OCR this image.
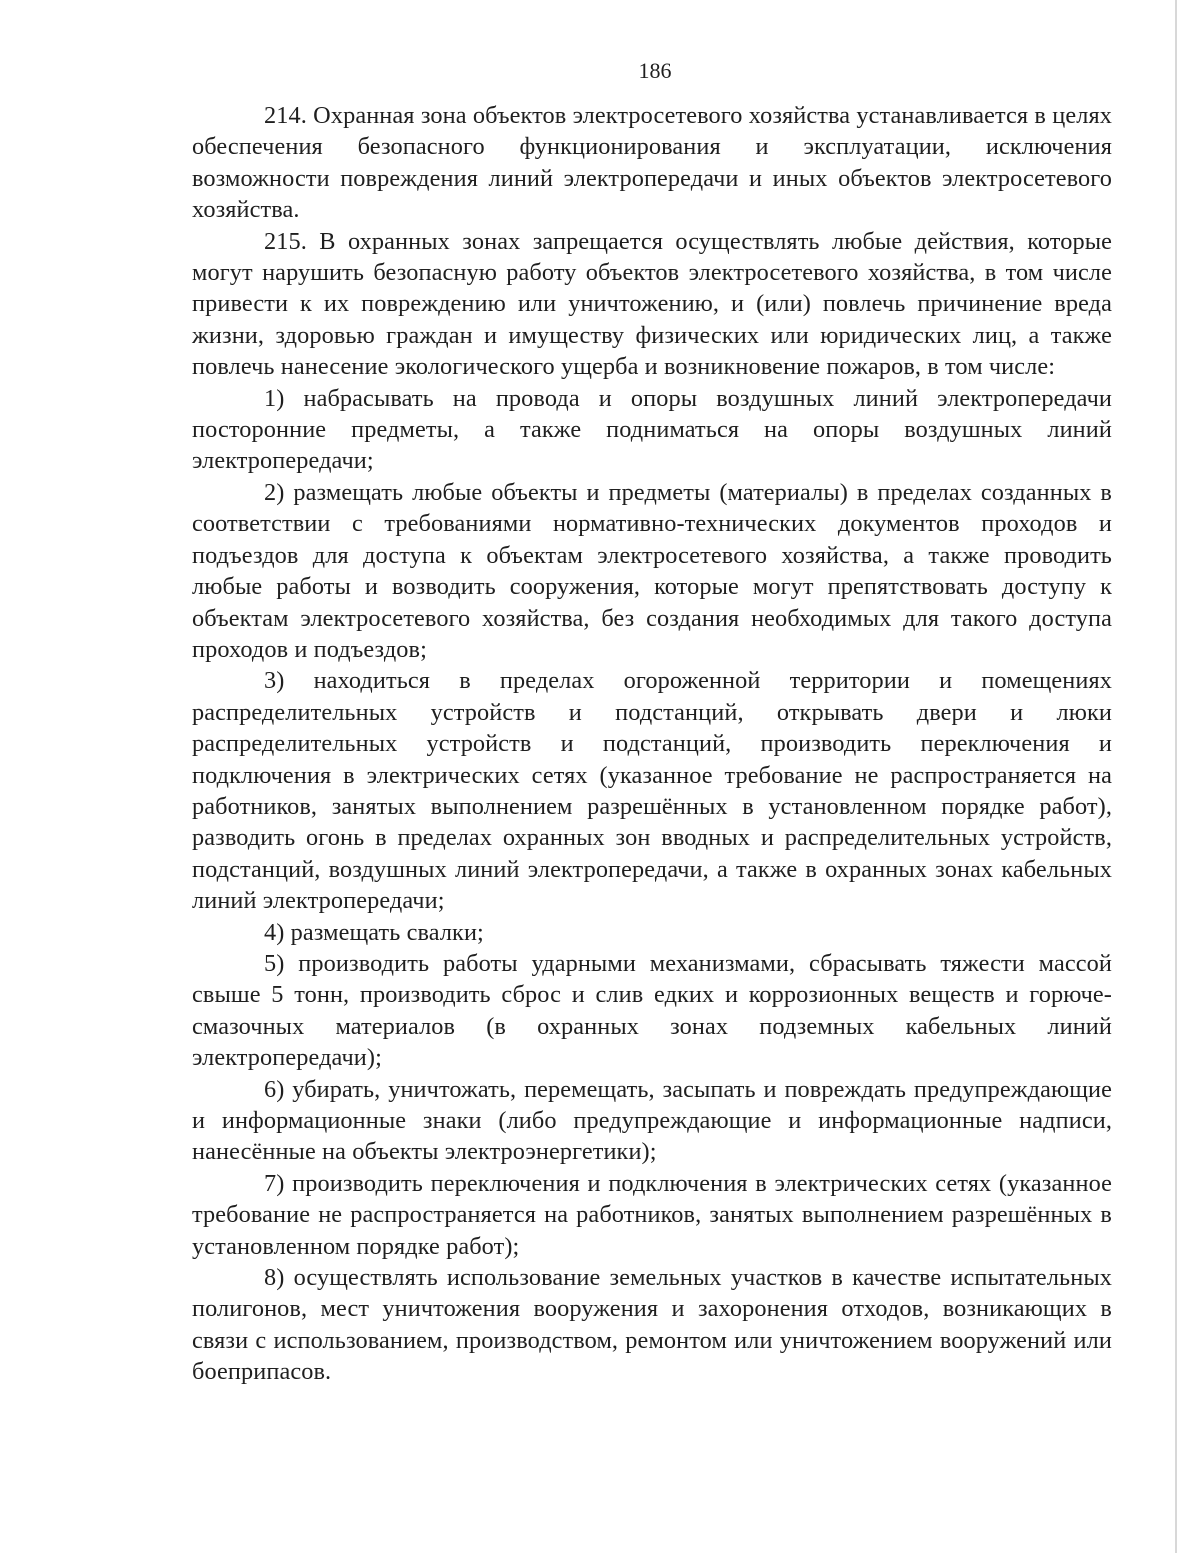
186

214. Охранная зона объектов электросетевого хозяйства устанавливается в целях обеспечения безопасного функционирования и эксплуатации, исключения возможности повреждения линий электропередачи и иных объектов электросетевого хозяйства.

215. В охранных зонах запрещается осуществлять любые действия, которые могут нарушить безопасную работу объектов электросетевого хозяйства, в том числе привести к их повреждению или уничтожению, и (или) повлечь причинение вреда жизни, здоровью граждан и имуществу физических или юридических лиц, а также повлечь нанесение экологического ущерба и возникновение пожаров, в том числе:

1) набрасывать на провода и опоры воздушных линий электропередачи посторонние предметы, а также подниматься на опоры воздушных линий электропередачи;

2) размещать любые объекты и предметы (материалы) в пределах созданных в соответствии с требованиями нормативно-технических документов проходов и подъездов для доступа к объектам электросетевого хозяйства, а также проводить любые работы и возводить сооружения, которые могут препятствовать доступу к объектам электросетевого хозяйства, без создания необходимых для такого доступа проходов и подъездов;

3) находиться в пределах огороженной территории и помещениях распределительных устройств и подстанций, открывать двери и люки распределительных устройств и подстанций, производить переключения и подключения в электрических сетях (указанное требование не распространяется на работников, занятых выполнением разрешённых в установленном порядке работ), разводить огонь в пределах охранных зон вводных и распределительных устройств, подстанций, воздушных линий электропередачи, а также в охранных зонах кабельных линий электропередачи;

4) размещать свалки;

5) производить работы ударными механизмами, сбрасывать тяжести массой свыше 5 тонн, производить сброс и слив едких и коррозионных веществ и горюче-смазочных материалов (в охранных зонах подземных кабельных линий электропередачи);

6) убирать, уничтожать, перемещать, засыпать и повреждать предупреждающие и информационные знаки (либо предупреждающие и информационные надписи, нанесённые на объекты электроэнергетики);

7) производить переключения и подключения в электрических сетях (указанное требование не распространяется на работников, занятых выполнением разрешённых в установленном порядке работ);

8) осуществлять использование земельных участков в качестве испытательных полигонов, мест уничтожения вооружения и захоронения отходов, возникающих в связи с использованием, производством, ремонтом или уничтожением вооружений или боеприпасов.
